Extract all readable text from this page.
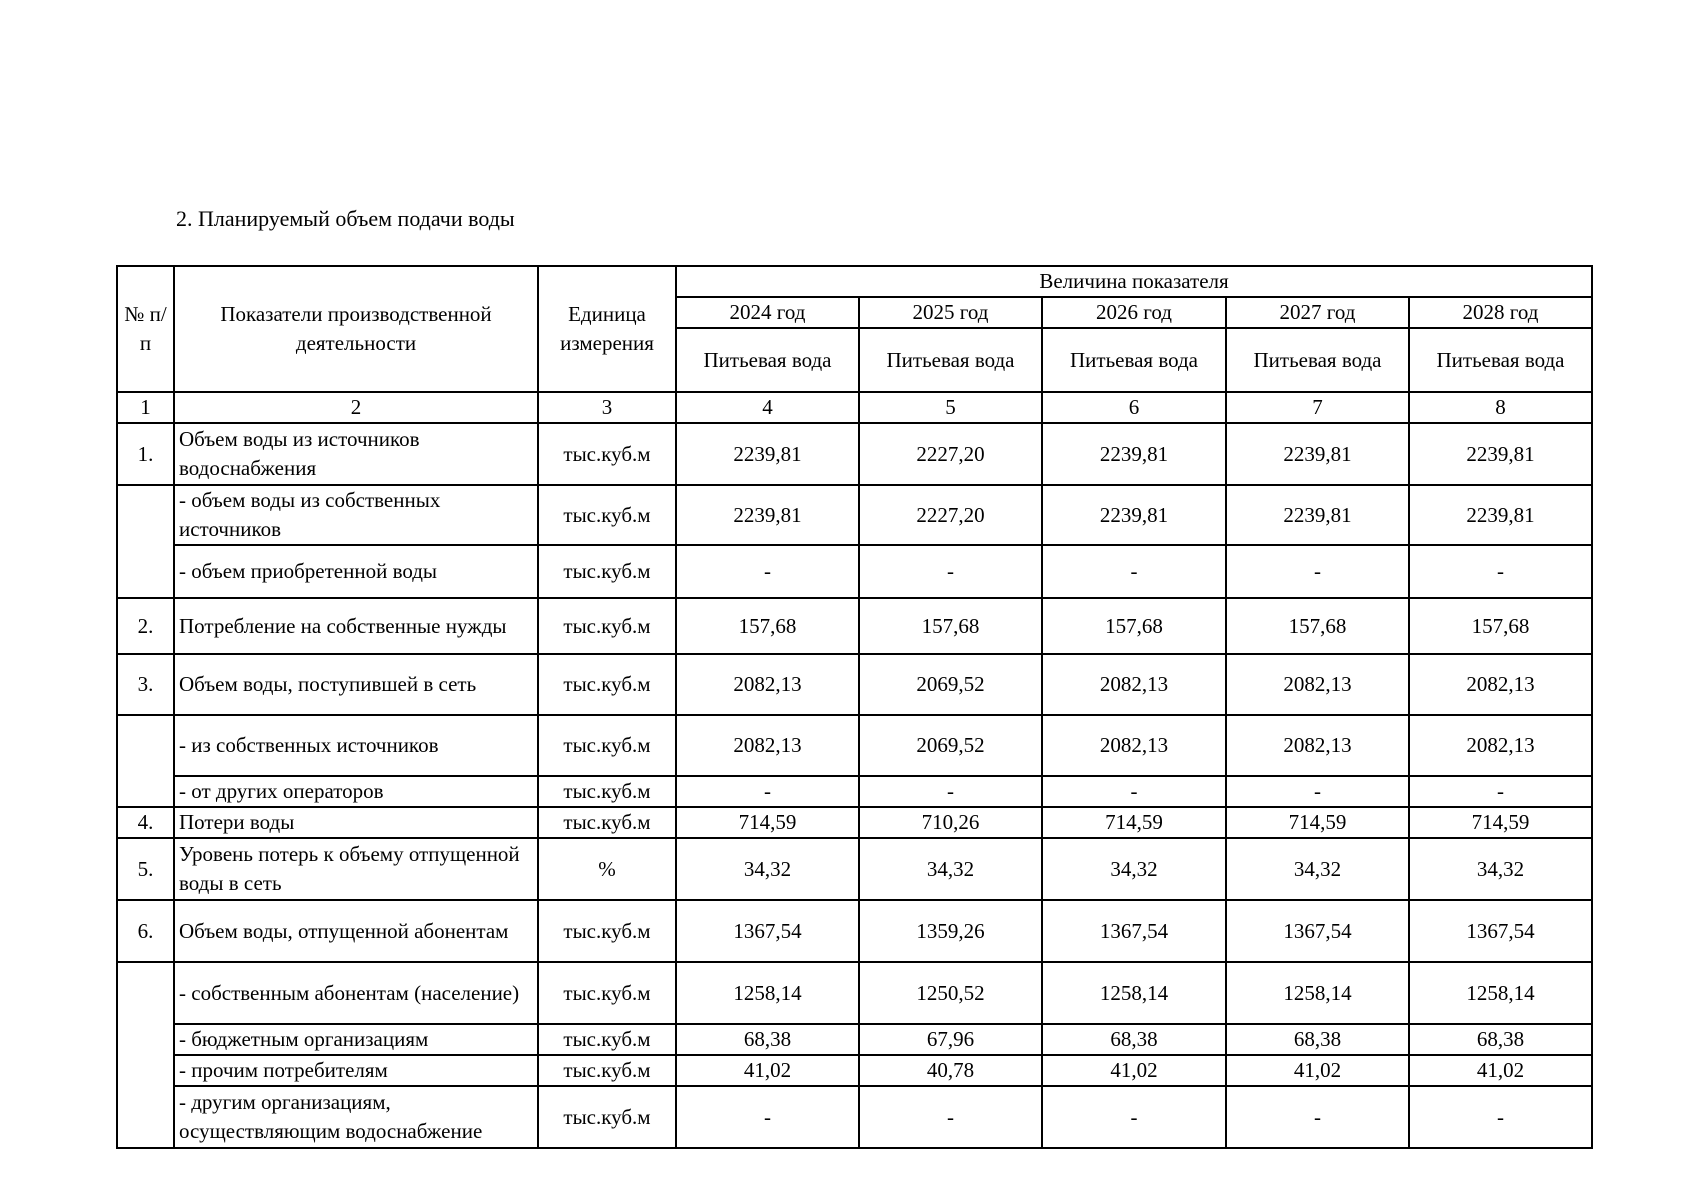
2. Планируемый объем подачи воды
№ п/п	Показатели производственной деятельности	Единица измерения	Величина показателя				
			2024 год	2025 год	2026 год	2027 год	2028 год
			Питьевая вода	Питьевая вода	Питьевая вода	Питьевая вода	Питьевая вода
1	2	3	4	5	6	7	8
1.	Объем воды из источников водоснабжения	тыс.куб.м	2239,81	2227,20	2239,81	2239,81	2239,81
	- объем воды из собственных источников	тыс.куб.м	2239,81	2227,20	2239,81	2239,81	2239,81
	- объем приобретенной воды	тыс.куб.м	-	-	-	-	-
2.	Потребление на собственные нужды	тыс.куб.м	157,68	157,68	157,68	157,68	157,68
3.	Объем воды, поступившей в сеть	тыс.куб.м	2082,13	2069,52	2082,13	2082,13	2082,13
	- из собственных источников	тыс.куб.м	2082,13	2069,52	2082,13	2082,13	2082,13
	- от других операторов	тыс.куб.м	-	-	-	-	-
4.	Потери воды	тыс.куб.м	714,59	710,26	714,59	714,59	714,59
5.	Уровень потерь к объему отпущенной воды в сеть	%	34,32	34,32	34,32	34,32	34,32
6.	Объем воды, отпущенной абонентам	тыс.куб.м	1367,54	1359,26	1367,54	1367,54	1367,54
	- собственным абонентам (население)	тыс.куб.м	1258,14	1250,52	1258,14	1258,14	1258,14
	- бюджетным организациям	тыс.куб.м	68,38	67,96	68,38	68,38	68,38
	- прочим потребителям	тыс.куб.м	41,02	40,78	41,02	41,02	41,02
	- другим организациям, осуществляющим водоснабжение	тыс.куб.м	-	-	-	-	-
